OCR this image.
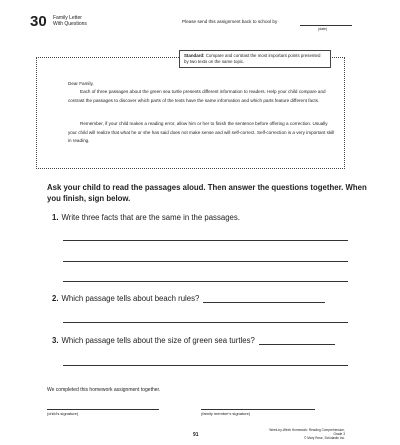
30 Family Letter
With Questions	Please send this assignment back to school by
(date)
Standard: Compare and contrast the most important points presented by two texts on the same topic.
Dear Family,
Each of three passages about the green sea turtle presents different information to readers. Help your child compare and contrast the passages to discover which parts of the texts have the same information and which parts feature different facts.
Remember, if your child makes a reading error, allow him or her to finish the sentence before offering a correction. Usually your child will realize that what he or she has said does not make sense and will self-correct. Self-correction is a very important skill in reading.
Ask your child to read the passages aloud. Then answer the questions together. When you finish, sign below.
1. Write three facts that are the same in the passages.
2. Which passage tells about beach rules?
3. Which passage tells about the size of green sea turtles?
We completed this homework assignment together.
(child's signature)	(family member's signature)
91
Week-by-Week Homework: Reading Comprehension, Grade 3
© Mary Rose, Scholastic Inc.
